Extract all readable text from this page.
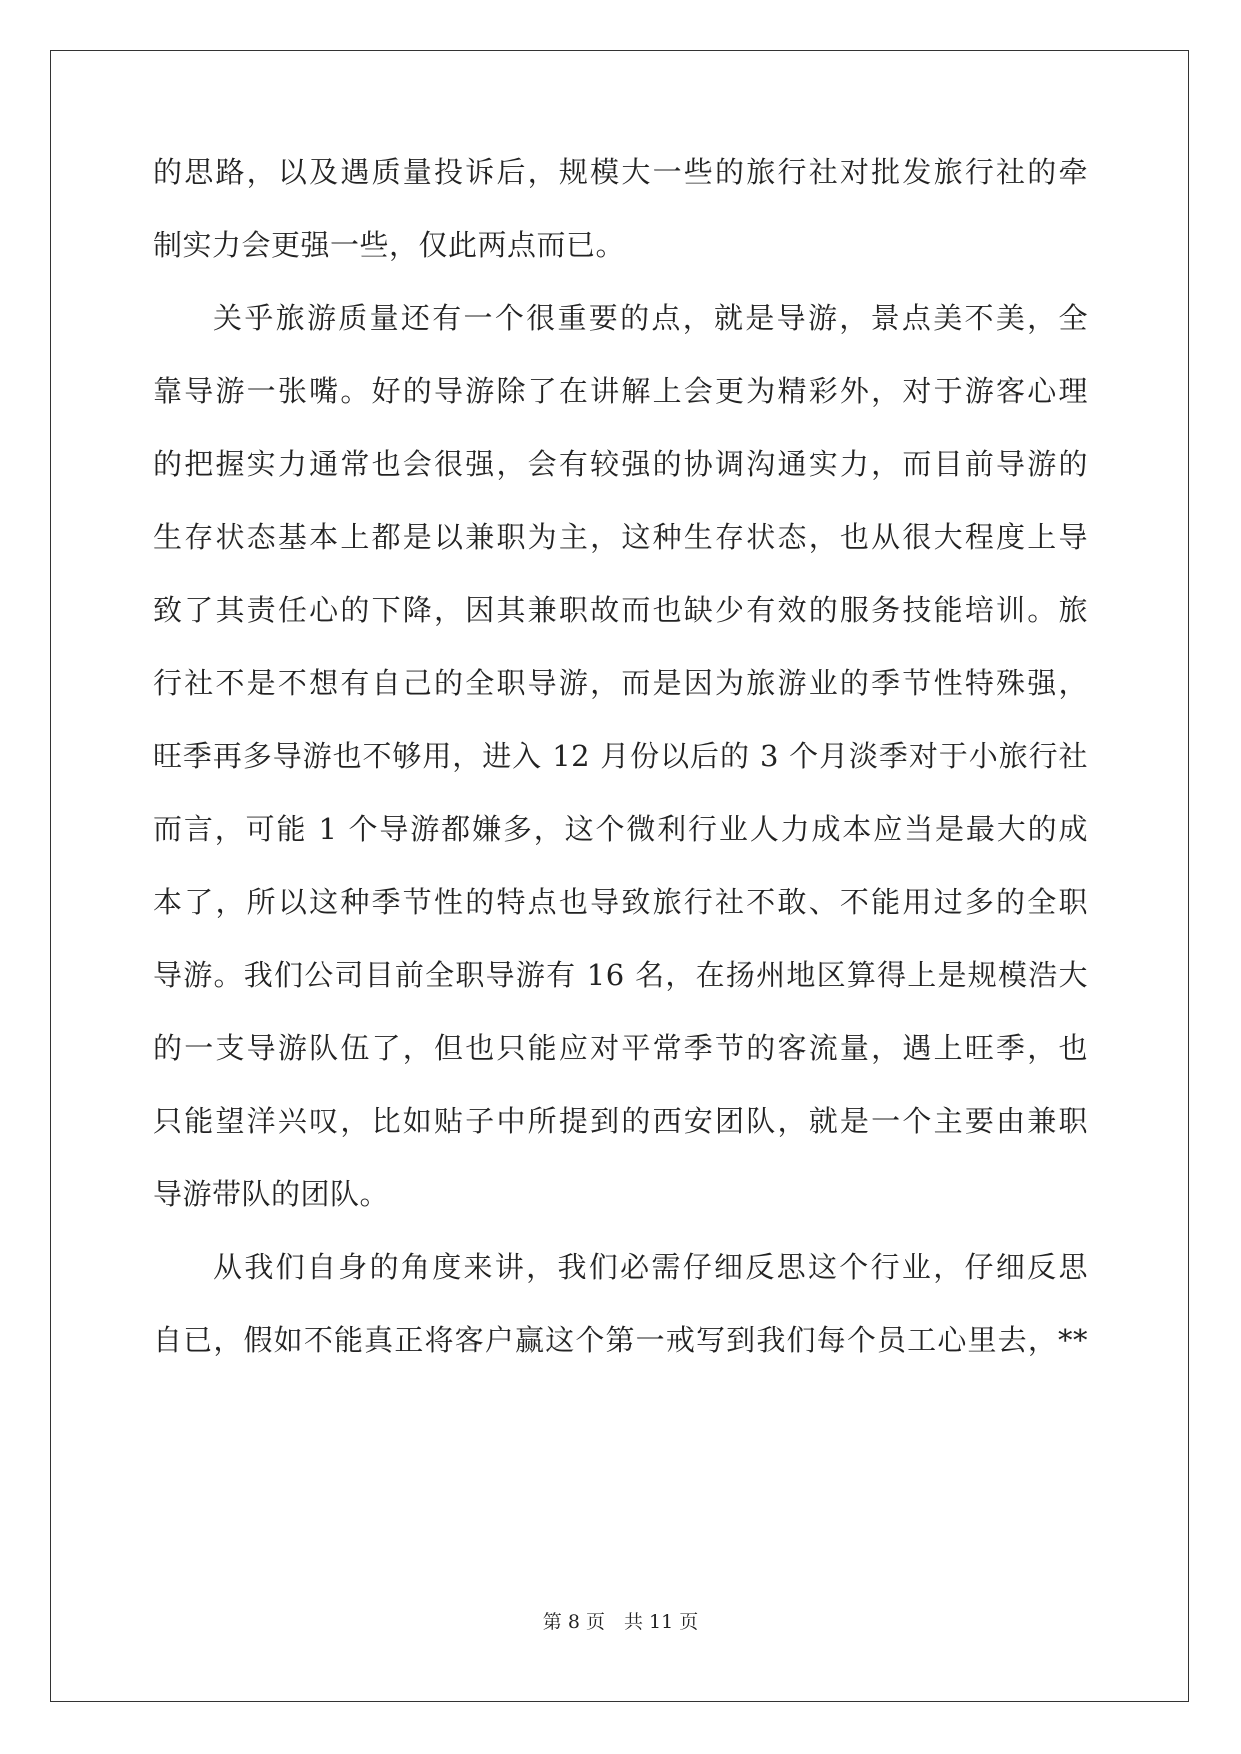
的思路，以及遇质量投诉后，规模大一些的旅行社对批发旅行社的牵
制实力会更强一些，仅此两点而已。
关乎旅游质量还有一个很重要的点，就是导游，景点美不美，全
靠导游一张嘴。好的导游除了在讲解上会更为精彩外，对于游客心理
的把握实力通常也会很强，会有较强的协调沟通实力，而目前导游的
生存状态基本上都是以兼职为主，这种生存状态，也从很大程度上导
致了其责任心的下降，因其兼职故而也缺少有效的服务技能培训。旅
行社不是不想有自己的全职导游，而是因为旅游业的季节性特殊强，
旺季再多导游也不够用，进入 12 月份以后的 3 个月淡季对于小旅行社
而言，可能 1 个导游都嫌多，这个微利行业人力成本应当是最大的成
本了，所以这种季节性的特点也导致旅行社不敢、不能用过多的全职
导游。我们公司目前全职导游有 16 名，在扬州地区算得上是规模浩大
的一支导游队伍了，但也只能应对平常季节的客流量，遇上旺季，也
只能望洋兴叹，比如贴子中所提到的西安团队，就是一个主要由兼职
导游带队的团队。
从我们自身的角度来讲，我们必需仔细反思这个行业，仔细反思
自已，假如不能真正将客户赢这个第一戒写到我们每个员工心里去，**
第 8 页　共 11 页
